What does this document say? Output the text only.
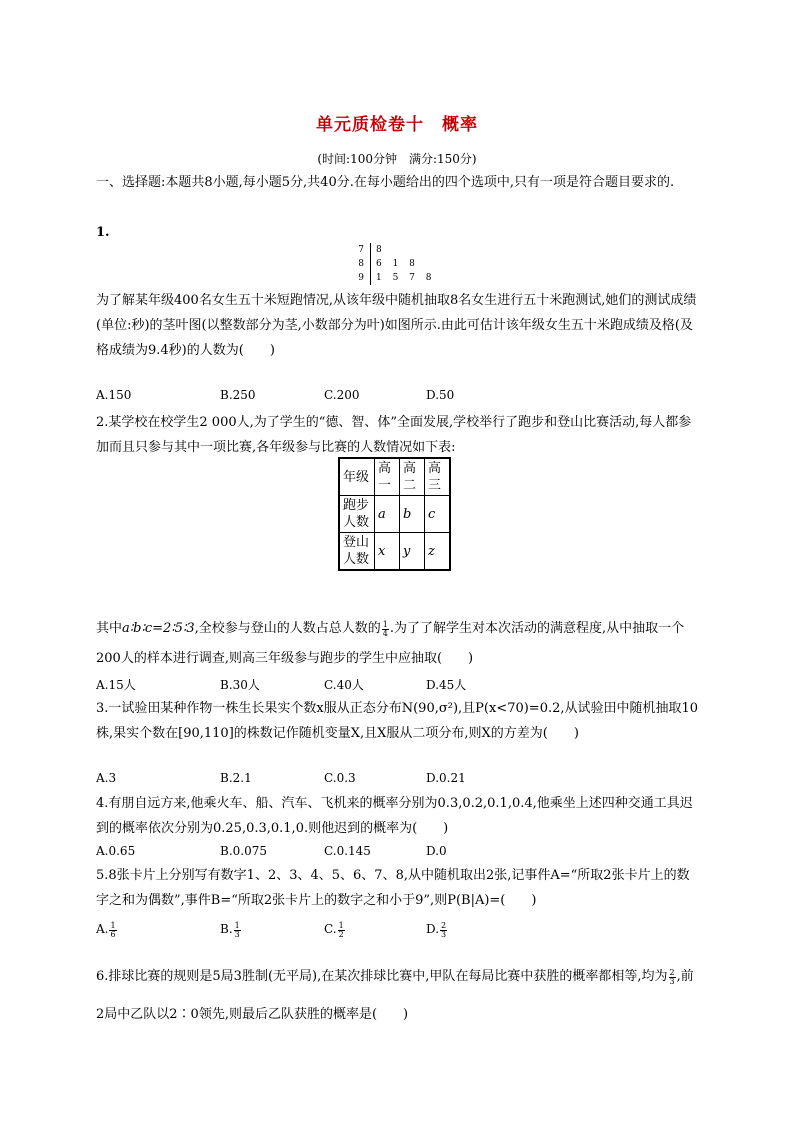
单元质检卷十　概率
(时间:100分钟　满分:150分)
一、选择题:本题共8小题,每小题5分,共40分.在每小题给出的四个选项中,只有一项是符合题目要求的.
1.
7 8
8 6 1 8
9 1 5 7 8
为了解某年级400名女生五十米短跑情况,从该年级中随机抽取8名女生进行五十米跑测试,她们的测试成绩(单位:秒)的茎叶图(以整数部分为茎,小数部分为叶)如图所示.由此可估计该年级女生五十米跑成绩及格(及格成绩为9.4秒)的人数为(　　)
A.150	B.250	C.200	D.50
2.某学校在校学生2 000人,为了学生的“德、智、体”全面发展,学校举行了跑步和登山比赛活动,每人都参加而且只参与其中一项比赛,各年级参与比赛的人数情况如下表:
年级	高一	高二	高三
跑步人数	a	b	c
登山人数	x	y	z
其中a∶b∶c=2∶5∶3,全校参与登山的人数占总人数的 $\frac{1}{4}$ .为了了解学生对本次活动的满意程度,从中抽取一个200人的样本进行调查,则高三年级参与跑步的学生中应抽取(　　)
A.15人	B.30人	C.40人	D.45人
3.一试验田某种作物一株生长果实个数x服从正态分布N(90,σ²),且P(x<70)=0.2,从试验田中随机抽取10株,果实个数在[90,110]的株数记作随机变量X,且X服从二项分布,则X的方差为(　　)
A.3	B.2.1	C.0.3	D.0.21
4.有朋自远方来,他乘火车、船、汽车、飞机来的概率分别为0.3,0.2,0.1,0.4,他乘坐上述四种交通工具迟到的概率依次分别为0.25,0.3,0.1,0.则他迟到的概率为(　　)
A.0.65	B.0.075	C.0.145	D.0
5.8张卡片上分别写有数字1、2、3、4、5、6、7、8,从中随机取出2张,记事件A=“所取2张卡片上的数字之和为偶数”,事件B=“所取2张卡片上的数字之和小于9”,则P(B|A)=(　　)
A. $\frac{1}{6}$	B. $\frac{1}{3}$	C. $\frac{1}{2}$	D. $\frac{2}{3}$
6.排球比赛的规则是5局3胜制(无平局),在某次排球比赛中,甲队在每局比赛中获胜的概率都相等,均为 $\frac{2}{3}$ ,前2局中乙队以2∶0领先,则最后乙队获胜的概率是(　　)
